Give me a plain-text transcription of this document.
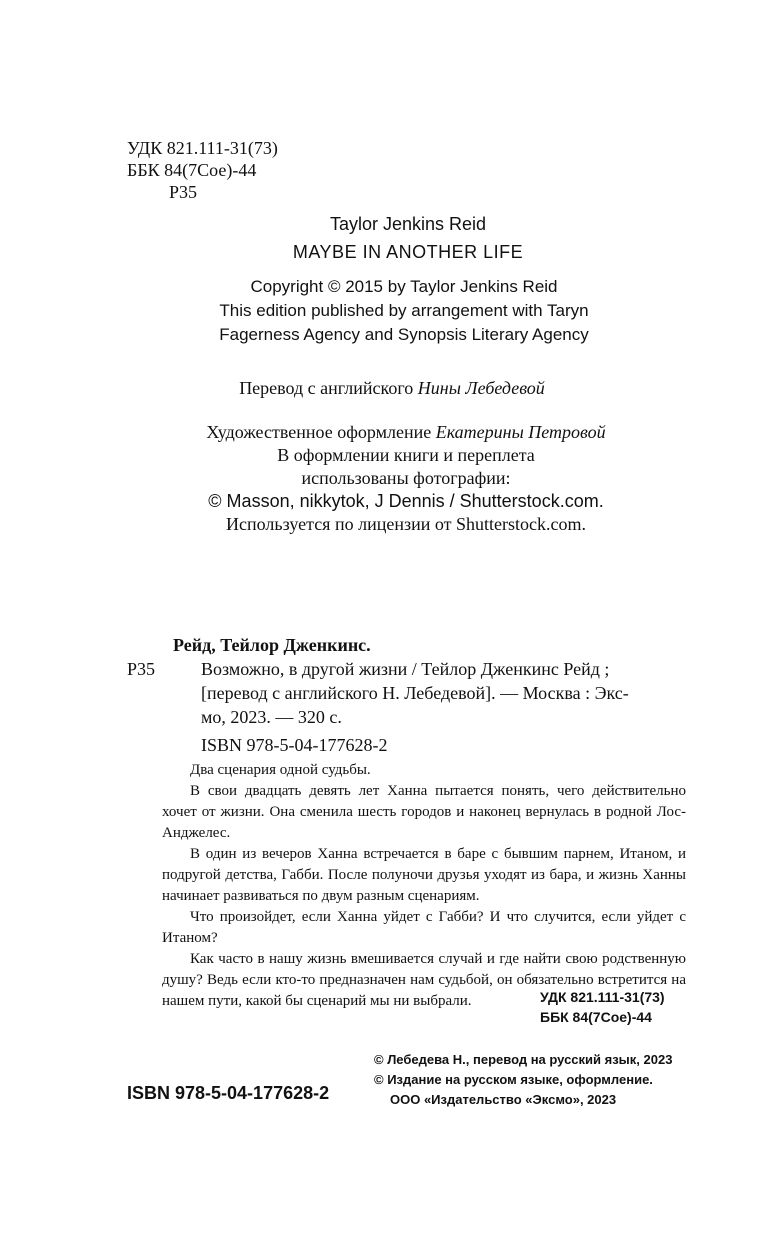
УДК 821.111-31(73)
ББК 84(7Сое)-44
Р35
Taylor Jenkins Reid
MAYBE IN ANOTHER LIFE
Copyright © 2015 by Taylor Jenkins Reid
This edition published by arrangement with Taryn
Fagerness Agency and Synopsis Literary Agency
Перевод с английского Нины Лебедевой
Художественное оформление Екатерины Петровой
В оформлении книги и переплета
использованы фотографии:
© Masson, nikkytok, J Dennis / Shutterstock.com.
Используется по лицензии от Shutterstock.com.
Рейд, Тейлор Дженкинс.
Р35	Возможно, в другой жизни / Тейлор Дженкинс Рейд ;
[перевод с английского Н. Лебедевой]. — Москва : Экс-
мо, 2023. — 320 с.
ISBN 978-5-04-177628-2
Два сценария одной судьбы.
В свои двадцать девять лет Ханна пытается понять, чего действительно хочет от жизни. Она сменила шесть городов и наконец вернулась в родной Лос-Анджелес.
В один из вечеров Ханна встречается в баре с бывшим парнем, Итаном, и подругой детства, Габби. После полуночи друзья уходят из бара, и жизнь Ханны начинает развиваться по двум разным сценариям.
Что произойдет, если Ханна уйдет с Габби? И что случится, если уйдет с Итаном?
Как часто в нашу жизнь вмешивается случай и где найти свою родственную душу? Ведь если кто-то предназначен нам судьбой, он обязательно встретится на нашем пути, какой бы сценарий мы ни выбрали.	УДК 821.111-31(73)
ББК 84(7Сое)-44
ISBN 978-5-04-177628-2
© Лебедева Н., перевод на русский язык, 2023
© Издание на русском языке, оформление.
ООО «Издательство «Эксмо», 2023
